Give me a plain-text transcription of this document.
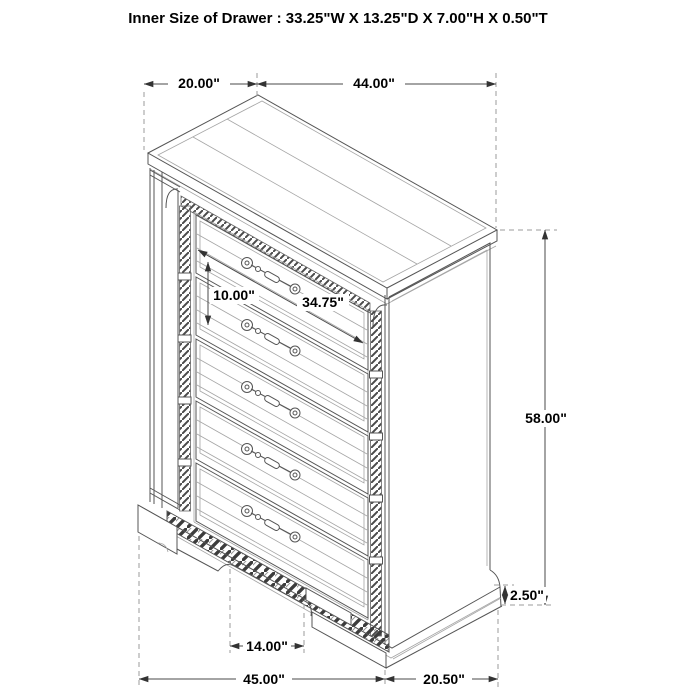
Inner Size of Drawer : 33.25"W X 13.25"D X 7.00"H X 0.50"T
20.00"	44.00"
58.00"
2.50"
10.00"	34.75"
14.00"
45.00"	20.50"
